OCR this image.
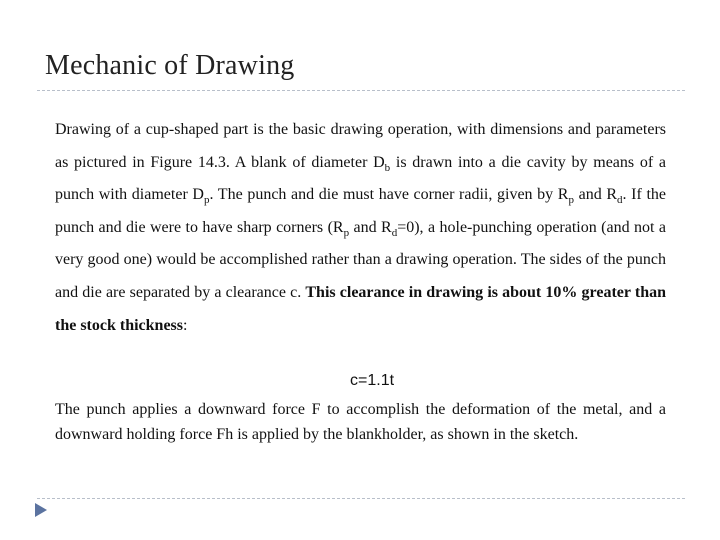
Mechanic of Drawing

Drawing of a cup-shaped part is the basic drawing operation, with dimensions and parameters as pictured in Figure 14.3. A blank of diameter $D_b$ is drawn into a die cavity by means of a punch with diameter $D_p$. The punch and die must have corner radii, given by $R_p$ and $R_d$. If the punch and die were to have sharp corners ($R_p$ and $R_d=0$), a hole-punching operation (and not a very good one) would be accomplished rather than a drawing operation. The sides of the punch and die are separated by a clearance c. This clearance in drawing is about 10% greater than the stock thickness:

c=1.1t

The punch applies a downward force F to accomplish the deformation of the metal, and a downward holding force Fh is applied by the blankholder, as shown in the sketch.
